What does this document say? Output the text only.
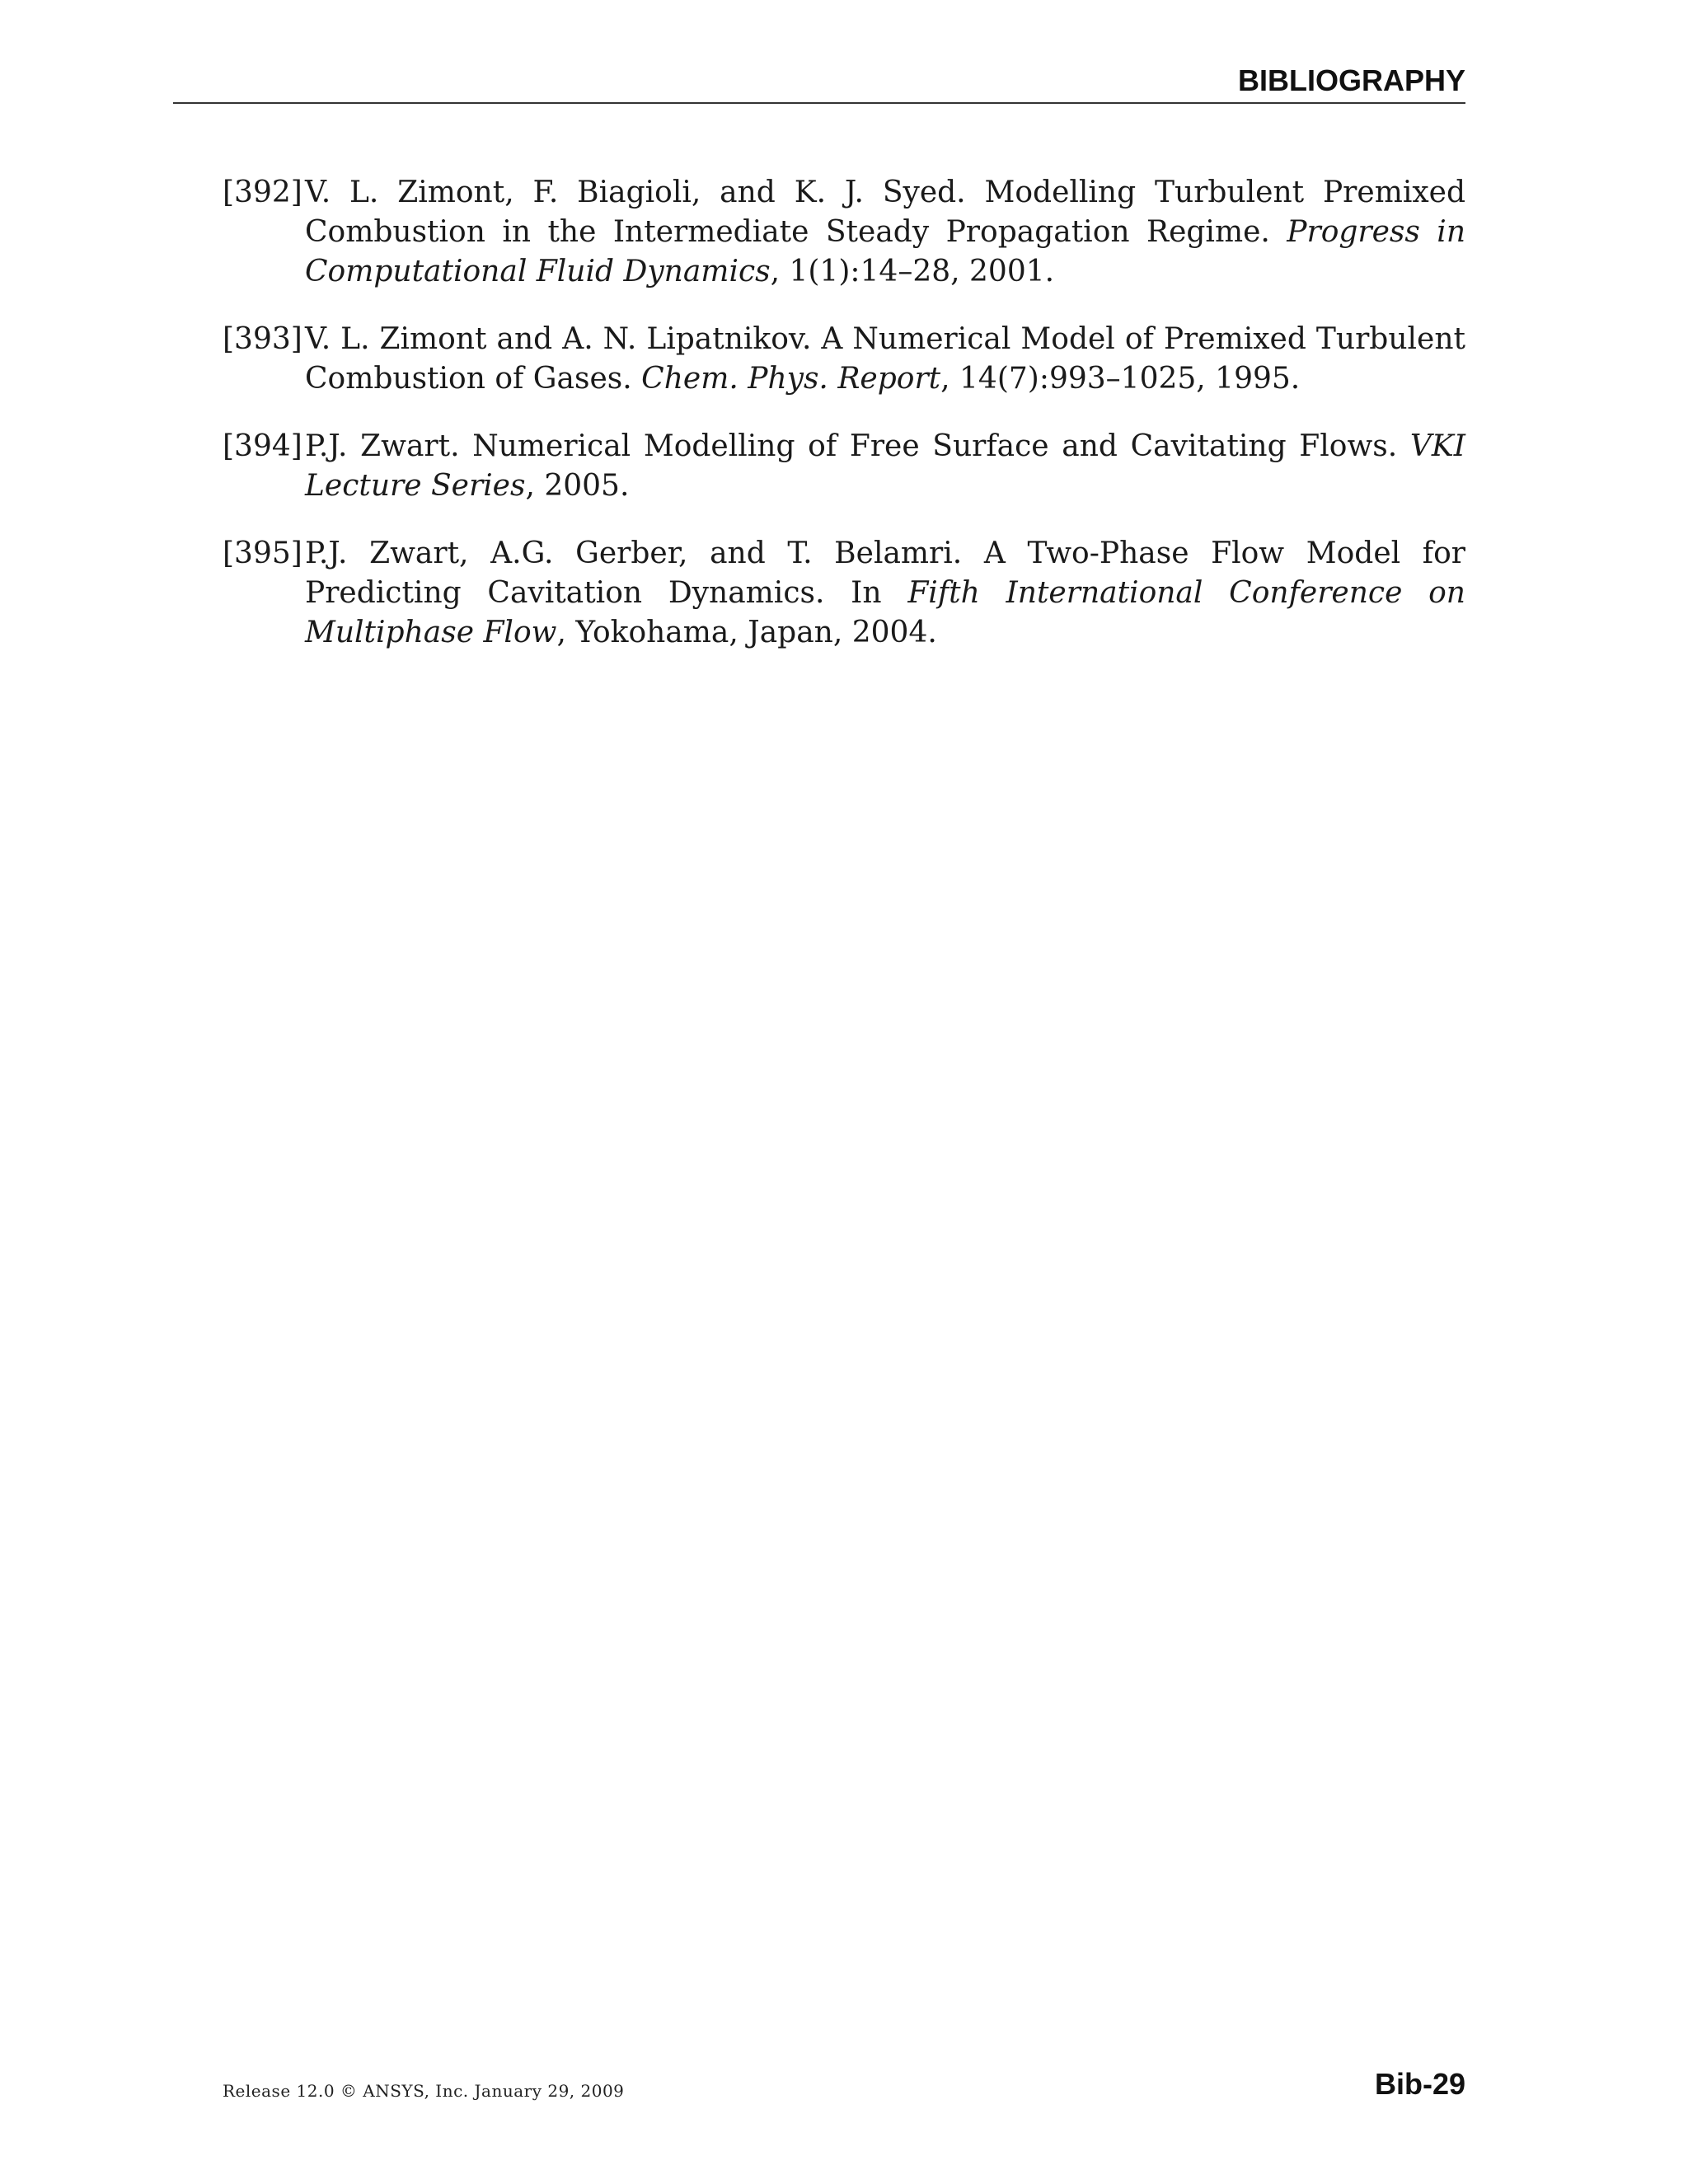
BIBLIOGRAPHY
[392] V. L. Zimont, F. Biagioli, and K. J. Syed. Modelling Turbulent Premixed Combustion in the Intermediate Steady Propagation Regime. Progress in Computational Fluid Dynamics, 1(1):14–28, 2001.
[393] V. L. Zimont and A. N. Lipatnikov. A Numerical Model of Premixed Turbulent Combustion of Gases. Chem. Phys. Report, 14(7):993–1025, 1995.
[394] P.J. Zwart. Numerical Modelling of Free Surface and Cavitating Flows. VKI Lecture Series, 2005.
[395] P.J. Zwart, A.G. Gerber, and T. Belamri. A Two-Phase Flow Model for Predicting Cavitation Dynamics. In Fifth International Conference on Multiphase Flow, Yokohama, Japan, 2004.
Release 12.0 © ANSYS, Inc. January 29, 2009	Bib-29
